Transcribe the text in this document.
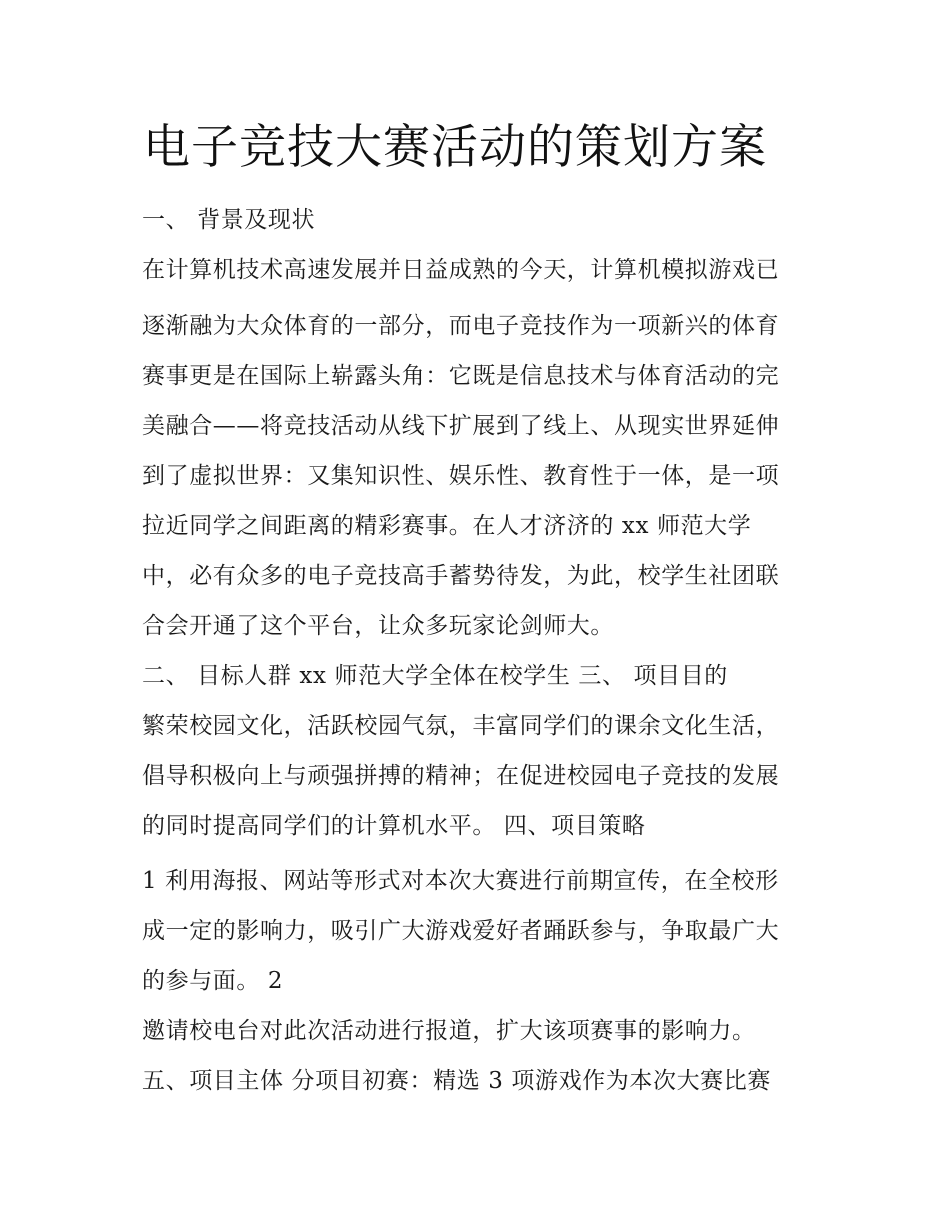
电子竞技大赛活动的策划方案
一、 背景及现状
在计算机技术高速发展并日益成熟的今天，计算机模拟游戏已
逐渐融为大众体育的一部分，而电子竞技作为一项新兴的体育
赛事更是在国际上崭露头角：它既是信息技术与体育活动的完
美融合——将竞技活动从线下扩展到了线上、从现实世界延伸
到了虚拟世界：又集知识性、娱乐性、教育性于一体，是一项
拉近同学之间距离的精彩赛事。在人才济济的 xx 师范大学
中，必有众多的电子竞技高手蓄势待发，为此，校学生社团联
合会开通了这个平台，让众多玩家论剑师大。
二、 目标人群 xx 师范大学全体在校学生 三、 项目目的
繁荣校园文化，活跃校园气氛，丰富同学们的课余文化生活，
倡导积极向上与顽强拼搏的精神；在促进校园电子竞技的发展
的同时提高同学们的计算机水平。 四、项目策略
1 利用海报、网站等形式对本次大赛进行前期宣传，在全校形
成一定的影响力，吸引广大游戏爱好者踊跃参与，争取最广大
的参与面。 2
邀请校电台对此次活动进行报道，扩大该项赛事的影响力。
五、项目主体 分项目初赛：精选 3 项游戏作为本次大赛比赛
